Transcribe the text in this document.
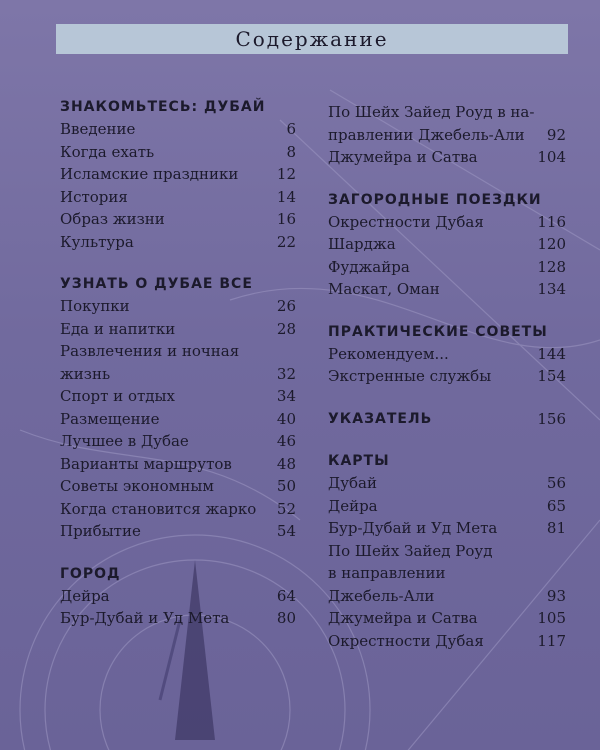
Содержание
ЗНАКОМЬТЕСЬ: ДУБАЙ
Введение	6
Когда ехать	8
Исламские праздники	12
История	14
Образ жизни	16
Культура	22
УЗНАТЬ О ДУБАЕ ВСЕ
Покупки	26
Еда и напитки	28
Развлечения и ночная
жизнь	32
Спорт и отдых	34
Размещение	40
Лучшее в Дубае	46
Варианты маршрутов	48
Советы экономным	50
Когда становится жарко 52
Прибытие	54
ГОРОД
Дейра	64
Бур-Дубай и Уд Мета	80
По Шейх Зайед Роуд в на-
правлении Джебель-Али	92
Джумейра и Сатва	104
ЗАГОРОДНЫЕ ПОЕЗДКИ
Окрестности Дубая	116
Шарджа	120
Фуджайра	128
Маскат, Оман	134
ПРАКТИЧЕСКИЕ СОВЕТЫ
Рекомендуем...	144
Экстренные службы	154
УКАЗАТЕЛЬ	156
КАРТЫ
Дубай	56
Дейра	65
Бур-Дубай и Уд Мета	81
По Шейх Зайед Роуд
в направлении
Джебель-Али	93
Джумейра и Сатва	105
Окрестности Дубая	117
